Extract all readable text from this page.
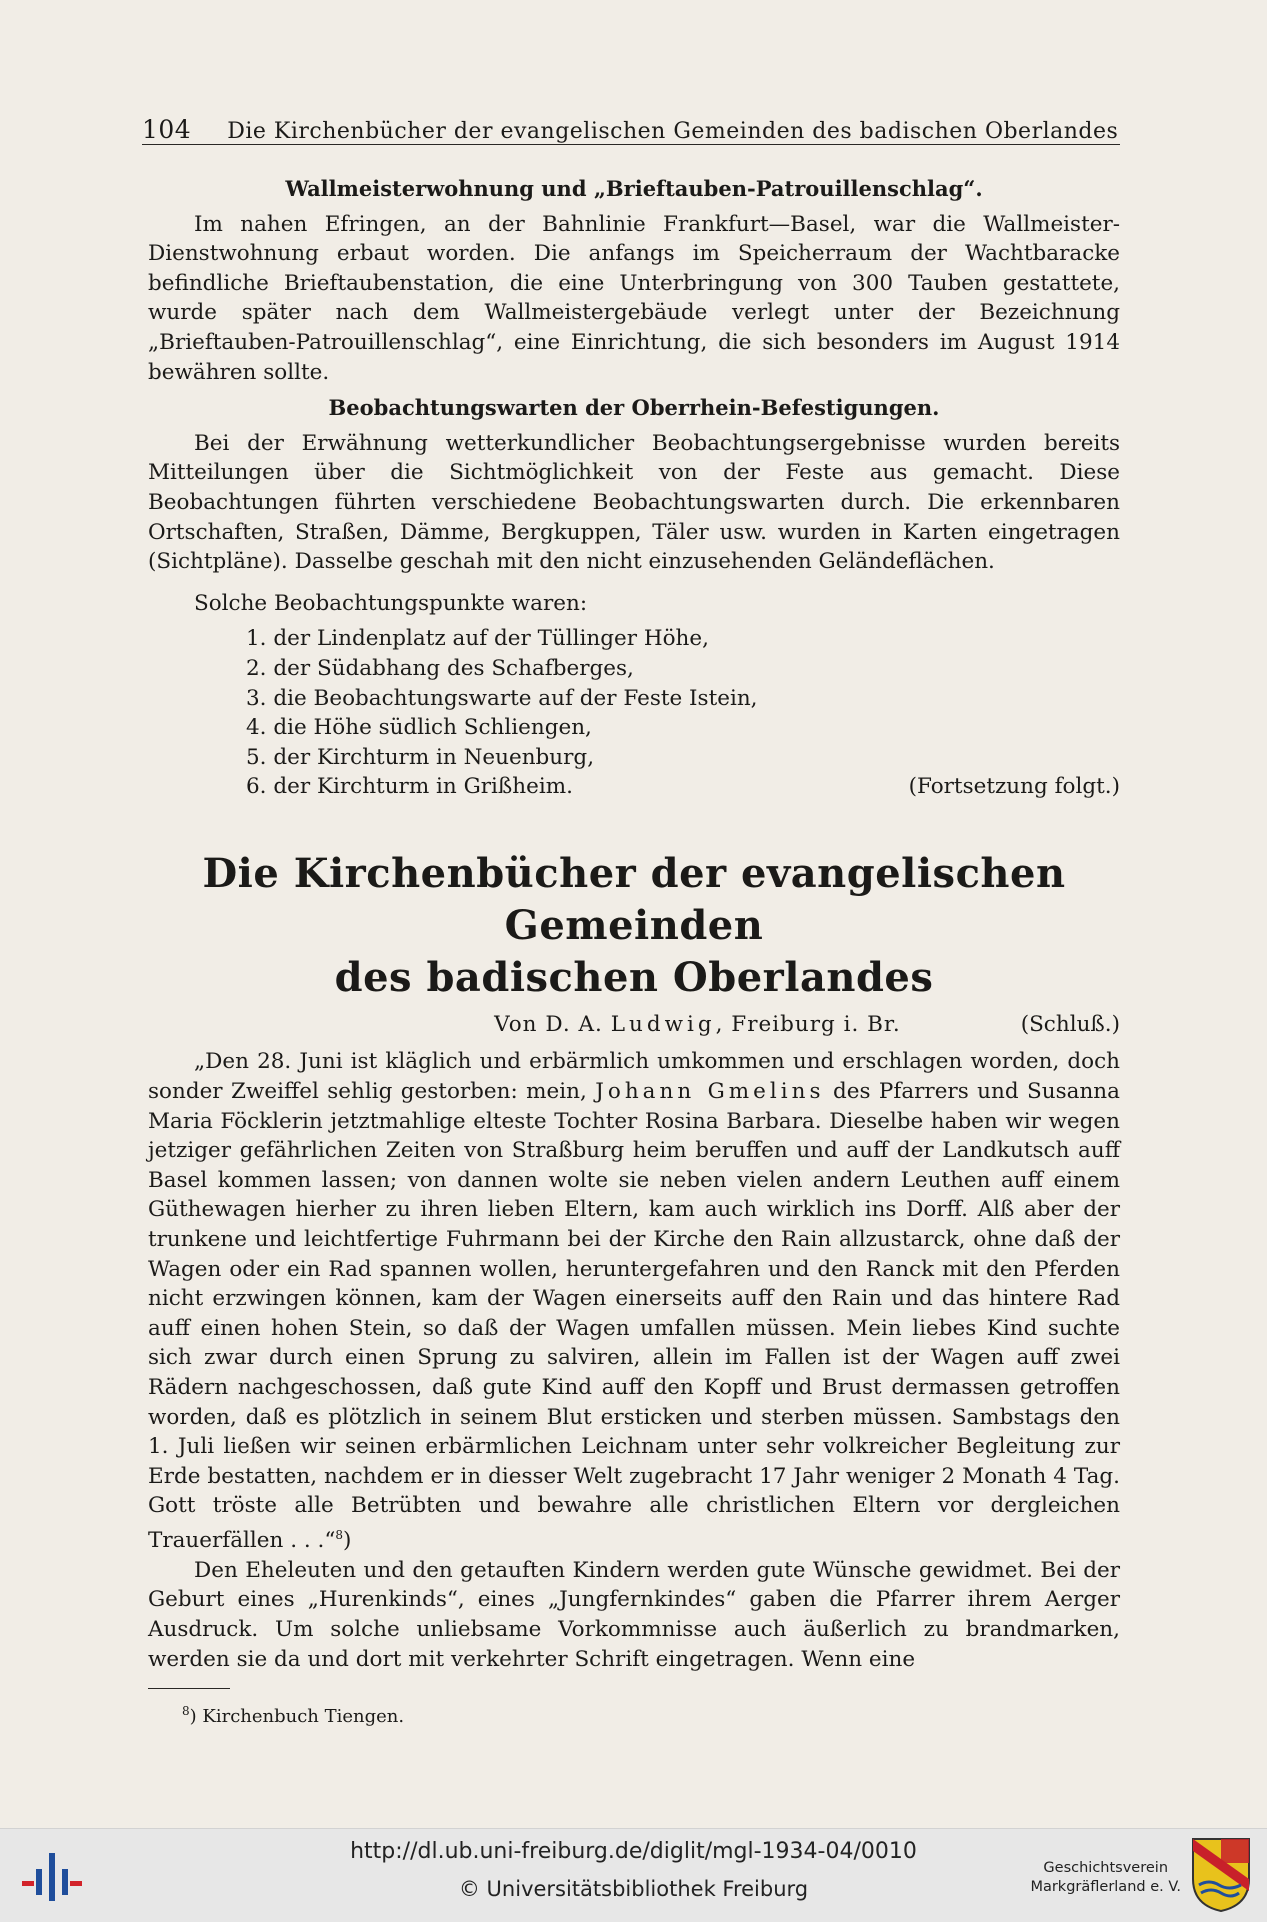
104 Die Kirchenbücher der evangelischen Gemeinden des badischen Oberlandes
Wallmeisterwohnung und „Brieftauben-Patrouillenschlag“.

Im nahen Efringen, an der Bahnlinie Frankfurt—Basel, war die Wallmeister-Dienstwohnung erbaut worden. Die anfangs im Speicherraum der Wachtbaracke befindliche Brieftaubenstation, die eine Unterbringung von 300 Tauben gestattete, wurde später nach dem Wallmeistergebäude verlegt unter der Bezeichnung „Brieftauben-Patrouillenschlag“, eine Einrichtung, die sich besonders im August 1914 bewähren sollte.

Beobachtungswarten der Oberrhein-Befestigungen.

Bei der Erwähnung wetterkundlicher Beobachtungsergebnisse wurden bereits Mitteilungen über die Sichtmöglichkeit von der Feste aus gemacht. Diese Beobachtungen führten verschiedene Beobachtungswarten durch. Die erkennbaren Ortschaften, Straßen, Dämme, Bergkuppen, Täler usw. wurden in Karten eingetragen (Sichtpläne). Dasselbe geschah mit den nicht einzusehenden Geländeflächen.

Solche Beobachtungspunkte waren:

1. der Lindenplatz auf der Tüllinger Höhe,
2. der Südabhang des Schafberges,
3. die Beobachtungswarte auf der Feste Istein,
4. die Höhe südlich Schliengen,
5. der Kirchturm in Neuenburg,
6. der Kirchturm in Grißheim.	(Fortsetzung folgt.)
Die Kirchenbücher der evangelischen Gemeinden
des badischen Oberlandes
Von D. A. Ludwig, Freiburg i. Br.	(Schluß.)

„Den 28. Juni ist kläglich und erbärmlich umkommen und erschlagen worden, doch sonder Zweiffel sehlig gestorben: mein, Johann Gmelins des Pfarrers und Susanna Maria Föcklerin jetztmahlige elteste Tochter Rosina Barbara. Dieselbe haben wir wegen jetziger gefährlichen Zeiten von Straßburg heim beruffen und auff der Landkutsch auff Basel kommen lassen; von dannen wolte sie neben vielen andern Leuthen auff einem Güthewagen hierher zu ihren lieben Eltern, kam auch wirklich ins Dorff. Alß aber der trunkene und leichtfertige Fuhrmann bei der Kirche den Rain allzustarck, ohne daß der Wagen oder ein Rad spannen wollen, heruntergefahren und den Ranck mit den Pferden nicht erzwingen können, kam der Wagen einerseits auff den Rain und das hintere Rad auff einen hohen Stein, so daß der Wagen umfallen müssen. Mein liebes Kind suchte sich zwar durch einen Sprung zu salviren, allein im Fallen ist der Wagen auff zwei Rädern nachgeschossen, daß gute Kind auff den Kopff und Brust dermassen getroffen worden, daß es plötzlich in seinem Blut ersticken und sterben müssen. Sambstags den 1. Juli ließen wir seinen erbärmlichen Leichnam unter sehr volkreicher Begleitung zur Erde bestatten, nachdem er in diesser Welt zugebracht 17 Jahr weniger 2 Monath 4 Tag. Gott tröste alle Betrübten und bewahre alle christlichen Eltern vor dergleichen Trauerfällen . . .“$^8$)

Den Eheleuten und den getauften Kindern werden gute Wünsche gewidmet. Bei der Geburt eines „Hurenkinds“, eines „Jungfernkindes“ gaben die Pfarrer ihrem Aerger Ausdruck. Um solche unliebsame Vorkommnisse auch äußerlich zu brandmarken, werden sie da und dort mit verkehrter Schrift eingetragen. Wenn eine

$^8$) Kirchenbuch Tiengen.
http://dl.ub.uni-freiburg.de/diglit/mgl-1934-04/0010
© Universitätsbibliothek Freiburg
Geschichtsverein
Markgräflerland e. V.
